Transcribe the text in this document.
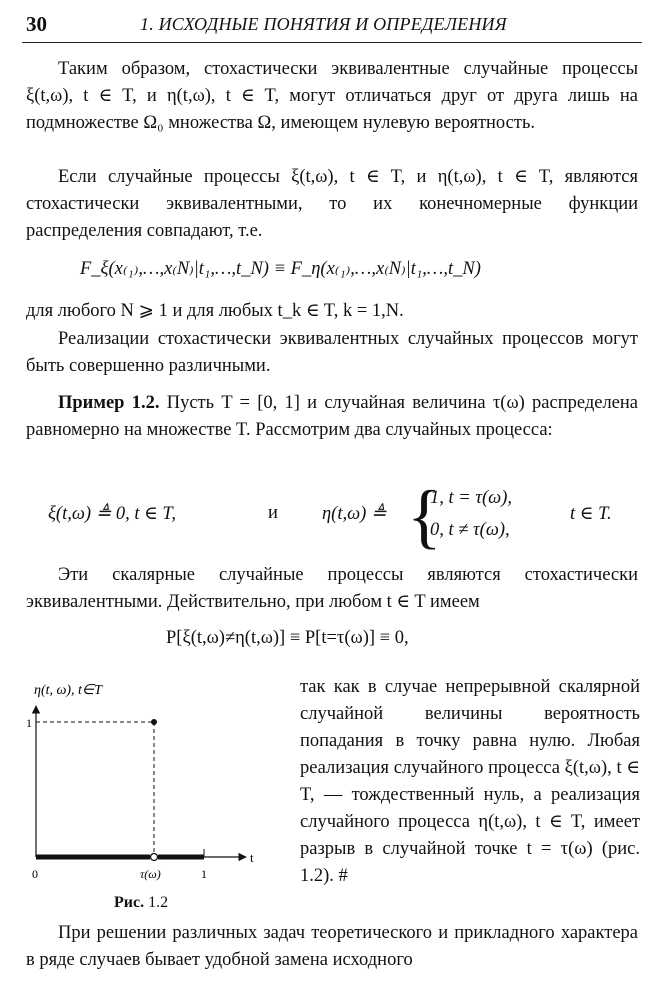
30	1. ИСХОДНЫЕ ПОНЯТИЯ И ОПРЕДЕЛЕНИЯ

Таким образом, стохастически эквивалентные случайные процессы ξ(t,ω), t ∈ T, и η(t,ω), t ∈ T, могут отличаться друг от друга лишь на подмножестве Ω₀ множества Ω, имеющем нулевую вероятность.

Если случайные процессы ξ(t,ω), t ∈ T, и η(t,ω), t ∈ T, являются стохастически эквивалентными, то их конечномерные функции распределения совпадают, т.е.

F_ξ(x₍₁₎,…,x₍N₎|t₁,…,t_N) ≡ F_η(x₍₁₎,…,x₍N₎|t₁,…,t_N)

для любого N ⩾ 1 и для любых t_k ∈ T, k = 1,N.

Реализации стохастически эквивалентных случайных процессов могут быть совершенно различными.

Пример 1.2. Пусть T = [0, 1] и случайная величина τ(ω) распределена равномерно на множестве T. Рассмотрим два случайных процесса:

ξ(t,ω) ≜ 0, t ∈ T,	и η(t,ω) ≜ {
1, t = τ(ω),
0, t ≠ τ(ω),
t ∈ T.

Эти скалярные случайные процессы являются стохастически эквивалентными. Действительно, при любом t ∈ T имеем

P[ξ(t,ω)≠η(t,ω)] ≡ P[t=τ(ω)] ≡ 0,
η(t, ω), t∈T
1
0	τ(ω)	1
t
Рис. 1.2

так как в случае непрерывной скалярной случайной величины вероятность попадания в точку равна нулю. Любая реализация случайного процесса ξ(t,ω), t ∈ T, — тождественный нуль, а реализация случайного процесса η(t,ω), t ∈ T, имеет разрыв в случайной точке t = τ(ω) (рис. 1.2). #

При решении различных задач теоретического и прикладного характера в ряде случаев бывает удобной замена исходного
